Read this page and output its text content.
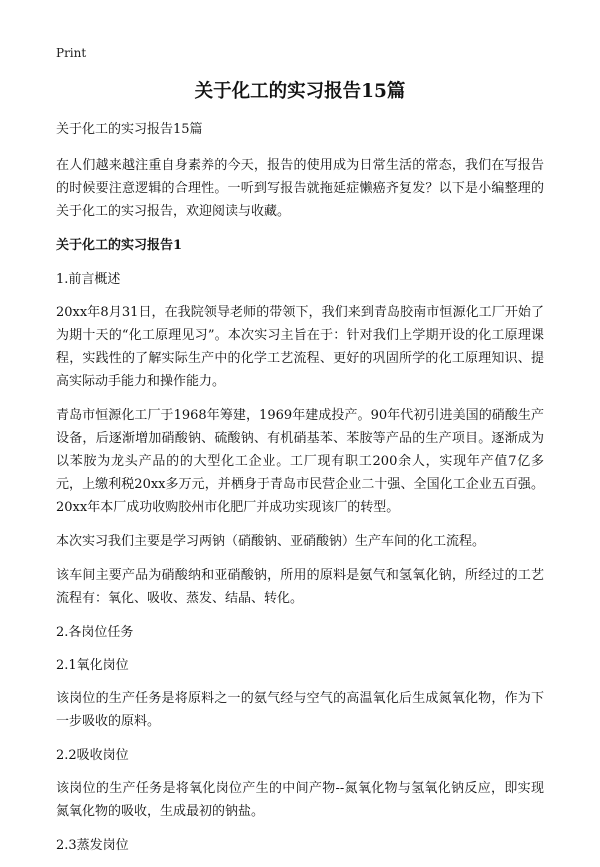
Print
关于化工的实习报告15篇

关于化工的实习报告15篇

在人们越来越注重自身素养的今天，报告的使用成为日常生活的常态，我们在写报告的时候要注意逻辑的合理性。一听到写报告就拖延症懒癌齐复发？以下是小编整理的关于化工的实习报告，欢迎阅读与收藏。

关于化工的实习报告1

1.前言概述

20xx年8月31日，在我院领导老师的带领下，我们来到青岛胶南市恒源化工厂开始了为期十天的“化工原理见习”。本次实习主旨在于：针对我们上学期开设的化工原理课程，实践性的了解实际生产中的化学工艺流程、更好的巩固所学的化工原理知识、提高实际动手能力和操作能力。

青岛市恒源化工厂于1968年筹建，1969年建成投产。90年代初引进美国的硝酸生产设备，后逐渐增加硝酸钠、硫酸钠、有机硝基苯、苯胺等产品的生产项目。逐渐成为以苯胺为龙头产品的的大型化工企业。工厂现有职工200余人，实现年产值7亿多元，上缴利税20xx多万元，并栖身于青岛市民营企业二十强、全国化工企业五百强。20xx年本厂成功收购胶州市化肥厂并成功实现该厂的转型。

本次实习我们主要是学习两钠（硝酸钠、亚硝酸钠）生产车间的化工流程。

该车间主要产品为硝酸纳和亚硝酸钠，所用的原料是氨气和氢氧化钠，所经过的工艺流程有：氧化、吸收、蒸发、结晶、转化。

2.各岗位任务

2.1氧化岗位

该岗位的生产任务是将原料之一的氨气经与空气的高温氧化后生成氮氧化物，作为下一步吸收的原料。

2.2吸收岗位

该岗位的生产任务是将氧化岗位产生的中间产物--氮氧化物与氢氧化钠反应，即实现氮氧化物的吸收，生成最初的钠盐。

2.3蒸发岗位
